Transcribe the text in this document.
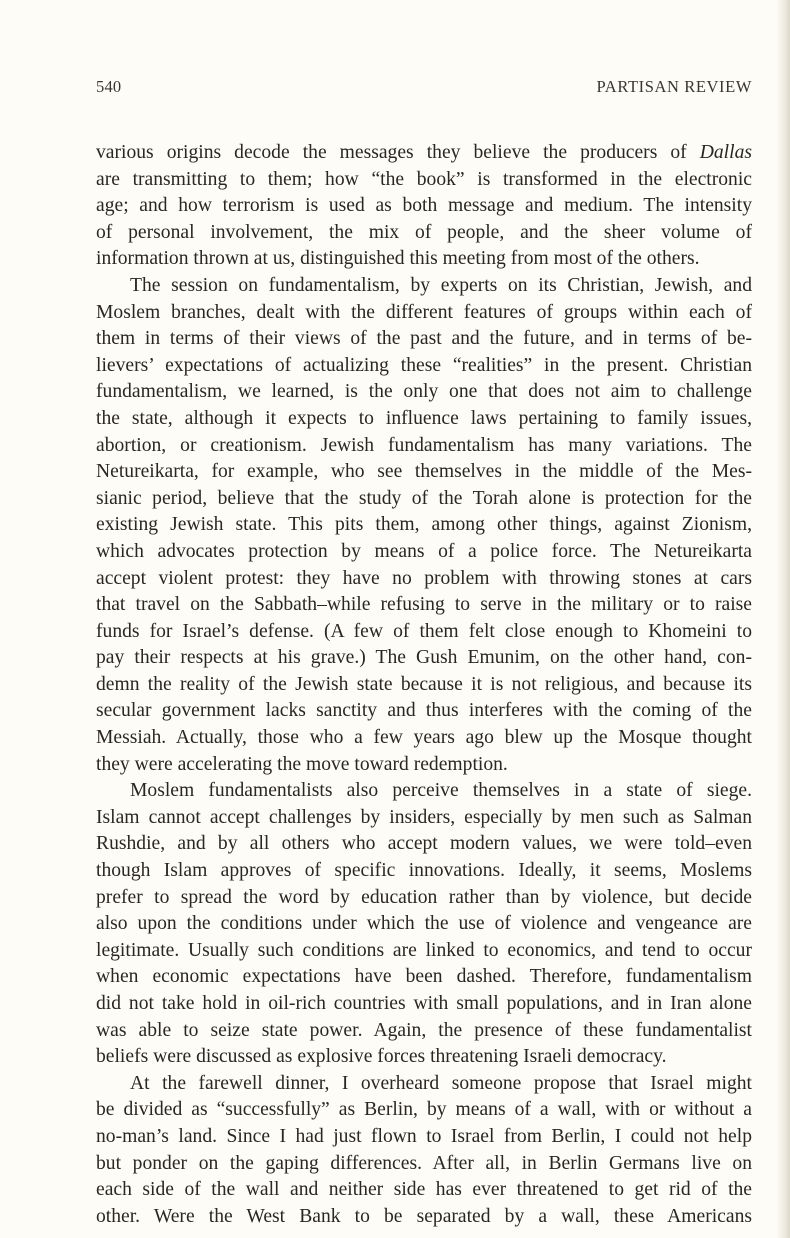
540	PARTISAN REVIEW
various origins decode the messages they believe the producers of Dallas
are transmitting to them; how “the book” is transformed in the electronic
age; and how terrorism is used as both message and medium. The intensity
of personal involvement, the mix of people, and the sheer volume of
information thrown at us, distinguished this meeting from most of the others.
The session on fundamentalism, by experts on its Christian, Jewish, and
Moslem branches, dealt with the different features of groups within each of
them in terms of their views of the past and the future, and in terms of be-
lievers’ expectations of actualizing these “realities” in the present. Christian
fundamentalism, we learned, is the only one that does not aim to challenge
the state, although it expects to influence laws pertaining to family issues,
abortion, or creationism. Jewish fundamentalism has many variations. The
Netureikarta, for example, who see themselves in the middle of the Mes-
sianic period, believe that the study of the Torah alone is protection for the
existing Jewish state. This pits them, among other things, against Zionism,
which advocates protection by means of a police force. The Netureikarta
accept violent protest: they have no problem with throwing stones at cars
that travel on the Sabbath–while refusing to serve in the military or to raise
funds for Israel’s defense. (A few of them felt close enough to Khomeini to
pay their respects at his grave.) The Gush Emunim, on the other hand, con-
demn the reality of the Jewish state because it is not religious, and because its
secular government lacks sanctity and thus interferes with the coming of the
Messiah. Actually, those who a few years ago blew up the Mosque thought
they were accelerating the move toward redemption.
Moslem fundamentalists also perceive themselves in a state of siege.
Islam cannot accept challenges by insiders, especially by men such as Salman
Rushdie, and by all others who accept modern values, we were told–even
though Islam approves of specific innovations. Ideally, it seems, Moslems
prefer to spread the word by education rather than by violence, but decide
also upon the conditions under which the use of violence and vengeance are
legitimate. Usually such conditions are linked to economics, and tend to occur
when economic expectations have been dashed. Therefore, fundamentalism
did not take hold in oil-rich countries with small populations, and in Iran alone
was able to seize state power. Again, the presence of these fundamentalist
beliefs were discussed as explosive forces threatening Israeli democracy.
At the farewell dinner, I overheard someone propose that Israel might
be divided as “successfully” as Berlin, by means of a wall, with or without a
no-man’s land. Since I had just flown to Israel from Berlin, I could not help
but ponder on the gaping differences. After all, in Berlin Germans live on
each side of the wall and neither side has ever threatened to get rid of the
other. Were the West Bank to be separated by a wall, these Americans
